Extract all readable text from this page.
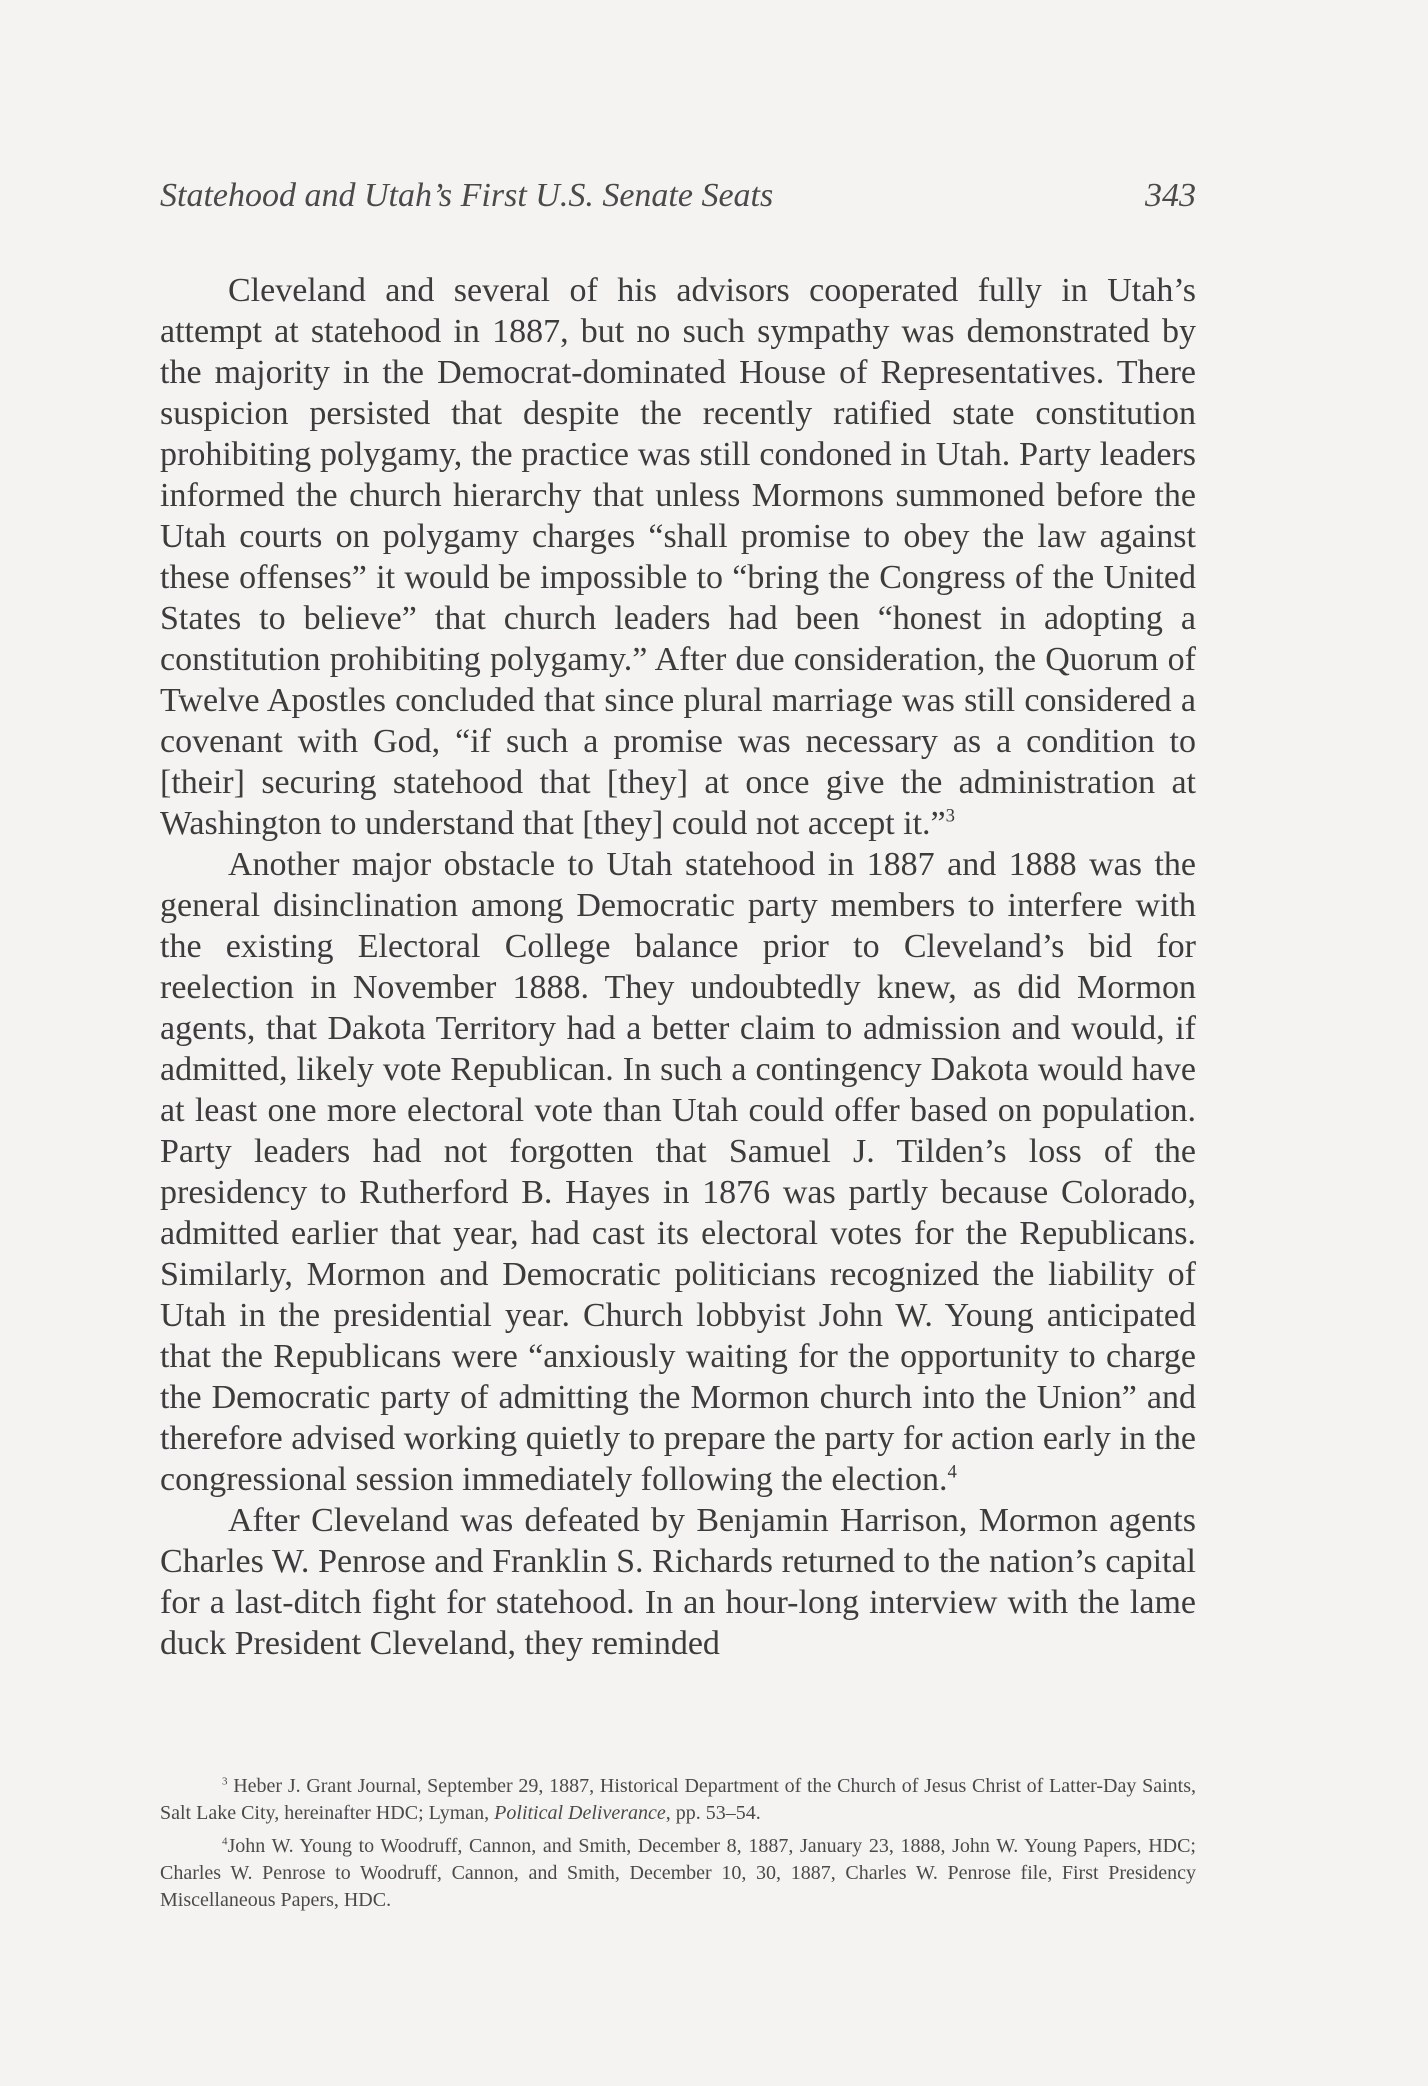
Statehood and Utah’s First U.S. Senate Seats	343

Cleveland and several of his advisors cooperated fully in Utah’s attempt at statehood in 1887, but no such sympathy was demonstrated by the majority in the Democrat-dominated House of Representatives. There suspicion persisted that despite the recently ratified state constitution prohibiting polygamy, the practice was still condoned in Utah. Party leaders informed the church hierarchy that unless Mormons summoned before the Utah courts on polygamy charges “shall promise to obey the law against these offenses” it would be impossible to “bring the Congress of the United States to believe” that church leaders had been “honest in adopting a constitution prohibiting polygamy.” After due consideration, the Quorum of Twelve Apostles concluded that since plural marriage was still considered a covenant with God, “if such a promise was necessary as a condition to [their] securing statehood that [they] at once give the administration at Washington to understand that [they] could not accept it.”$^3$

Another major obstacle to Utah statehood in 1887 and 1888 was the general disinclination among Democratic party members to interfere with the existing Electoral College balance prior to Cleveland’s bid for reelection in November 1888. They undoubtedly knew, as did Mormon agents, that Dakota Territory had a better claim to admission and would, if admitted, likely vote Republican. In such a contingency Dakota would have at least one more electoral vote than Utah could offer based on population. Party leaders had not forgotten that Samuel J. Tilden’s loss of the presidency to Rutherford B. Hayes in 1876 was partly because Colorado, admitted earlier that year, had cast its electoral votes for the Republicans. Similarly, Mormon and Democratic politicians recognized the liability of Utah in the presidential year. Church lobbyist John W. Young anticipated that the Republicans were “anxiously waiting for the opportunity to charge the Democratic party of admitting the Mormon church into the Union” and therefore advised working quietly to prepare the party for action early in the congressional session immediately following the election.$^4$

After Cleveland was defeated by Benjamin Harrison, Mormon agents Charles W. Penrose and Franklin S. Richards returned to the nation’s capital for a last-ditch fight for statehood. In an hour-long interview with the lame duck President Cleveland, they reminded

$^3$ Heber J. Grant Journal, September 29, 1887, Historical Department of the Church of Jesus Christ of Latter-Day Saints, Salt Lake City, hereinafter HDC; Lyman, Political Deliverance, pp. 53–54.

$^4$John W. Young to Woodruff, Cannon, and Smith, December 8, 1887, January 23, 1888, John W. Young Papers, HDC; Charles W. Penrose to Woodruff, Cannon, and Smith, December 10, 30, 1887, Charles W. Penrose file, First Presidency Miscellaneous Papers, HDC.
